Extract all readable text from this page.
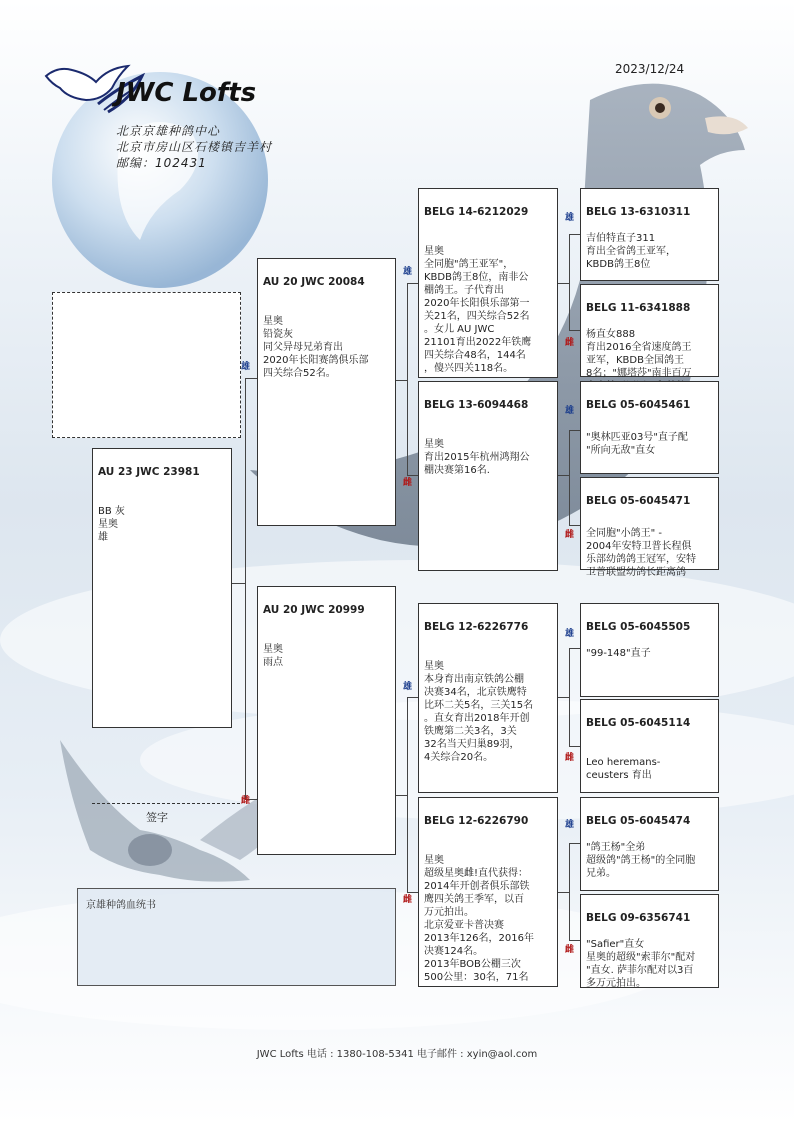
JWC Lofts
北京京雄种鸽中心
北京市房山区石楼镇吉羊村
邮编：102431
2023/12/24
雄
雌
雄
雌
雄
雌
雄
雌
雄
雌
雄
雌
雄
雌

AU 23 JWC 23981

BB 灰
星奥
雄

AU 20 JWC 20084

星奥
铅瓷灰
同父异母兄弟育出
2020年长阳赛鸽俱乐部
四关综合52名。

AU 20 JWC 20999

星奥
雨点

BELG 14-6212029

星奥
全同胞"鸽王亚军"，
KBDB鸽王8位，南非公
棚鸽王。子代育出
2020年长阳俱乐部第一
关21名，四关综合52名
。女儿 AU JWC
21101育出2022年铁鹰
四关综合48名，144名
，傻兴四关118名。

BELG 13-6094468

星奥
育出2015年杭州鸿翔公
棚决赛第16名.

BELG 12-6226776

星奥
本身育出南京铁鸽公棚
决赛34名，北京铁鹰特
比环二关5名，三关15名
。直女育出2018年开创
铁鹰第二关3名，3关
32名当天归巢89羽，
4关综合20名。

BELG 12-6226790

星奥
超级星奥雌!直代获得：
2014年开创者俱乐部铁
鹰四关鸽王季军，以百
万元拍出。
北京爱亚卡普决赛
2013年126名，2016年
决赛124名。
2013年BOB公棚三次
500公里：30名，71名

BELG 13-6310311

吉伯特直子311
育出全省鸽王亚军，
KBDB鸽王8位

BELG 11-6341888

杨直女888
育出2016全省速度鸽王
亚军，KBDB全国鸽王
8名；"娜塔莎"南非百万

BELG 05-6045461

"奥林匹亚03号"直子配
"所向无敌"直女

BELG 05-6045471

全同胞"小鸽王" -
2004年安特卫普长程俱
乐部幼鸽鸽王冠军，安特
卫普联盟幼鸽长距离鸽

BELG 05-6045505

"99-148"直子

BELG 05-6045114

Leo heremans-
ceusters 育出

BELG 05-6045474

"鸽王杨"全弟
超级鸽"鸽王杨"的全同胞
兄弟。

BELG 09-6356741

"Safier"直女
星奥的超级"索菲尔"配对
"直女. 萨菲尔配对以3百
多万元拍出。

签字
京雄种鸽血统书
JWC Lofts 电话 : 1380-108-5341 电子邮件 : xyin@aol.com
